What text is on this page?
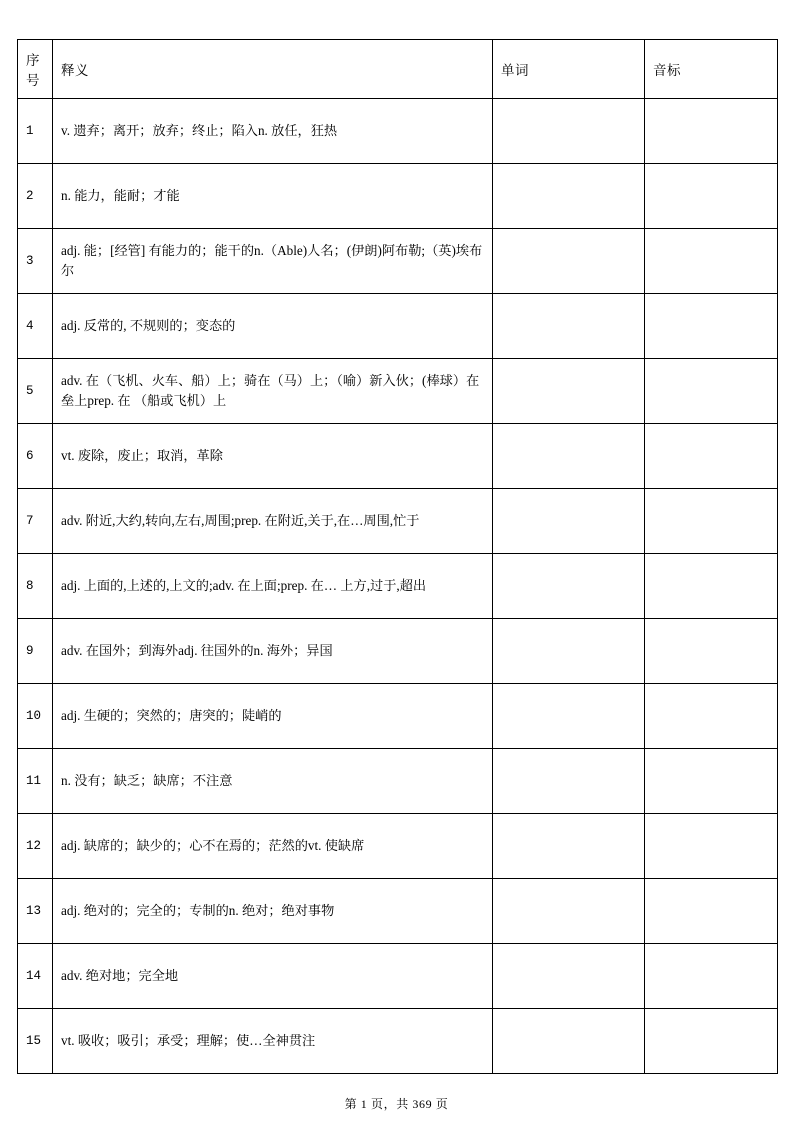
序号	释义	单词	音标
1	v. 遗弃；离开；放弃；终止；陷入n. 放任，狂热		
2	n. 能力，能耐；才能		
3	adj. 能；[经管] 有能力的；能干的n.（Able)人名；(伊朗)阿布勒;（英)埃布尔		
4	adj. 反常的, 不规则的；变态的		
5	adv. 在（飞机、火车、船）上；骑在（马）上；（喻）新入伙；(棒球）在垒上prep. 在 （船或飞机）上		
6	vt. 废除，废止；取消，革除		
7	adv. 附近,大约,转向,左右,周围;prep. 在附近,关于,在…周围,忙于		
8	adj. 上面的,上述的,上文的;adv. 在上面;prep. 在… 上方,过于,超出		
9	adv. 在国外；到海外adj. 往国外的n. 海外；异国		
10	adj. 生硬的；突然的；唐突的；陡峭的		
11	n. 没有；缺乏；缺席；不注意		
12	adj. 缺席的；缺少的；心不在焉的；茫然的vt. 使缺席		
13	adj. 绝对的；完全的；专制的n. 绝对；绝对事物		
14	adv. 绝对地；完全地		
15	vt. 吸收；吸引；承受；理解；使…全神贯注		
第 1 页，共 369 页
